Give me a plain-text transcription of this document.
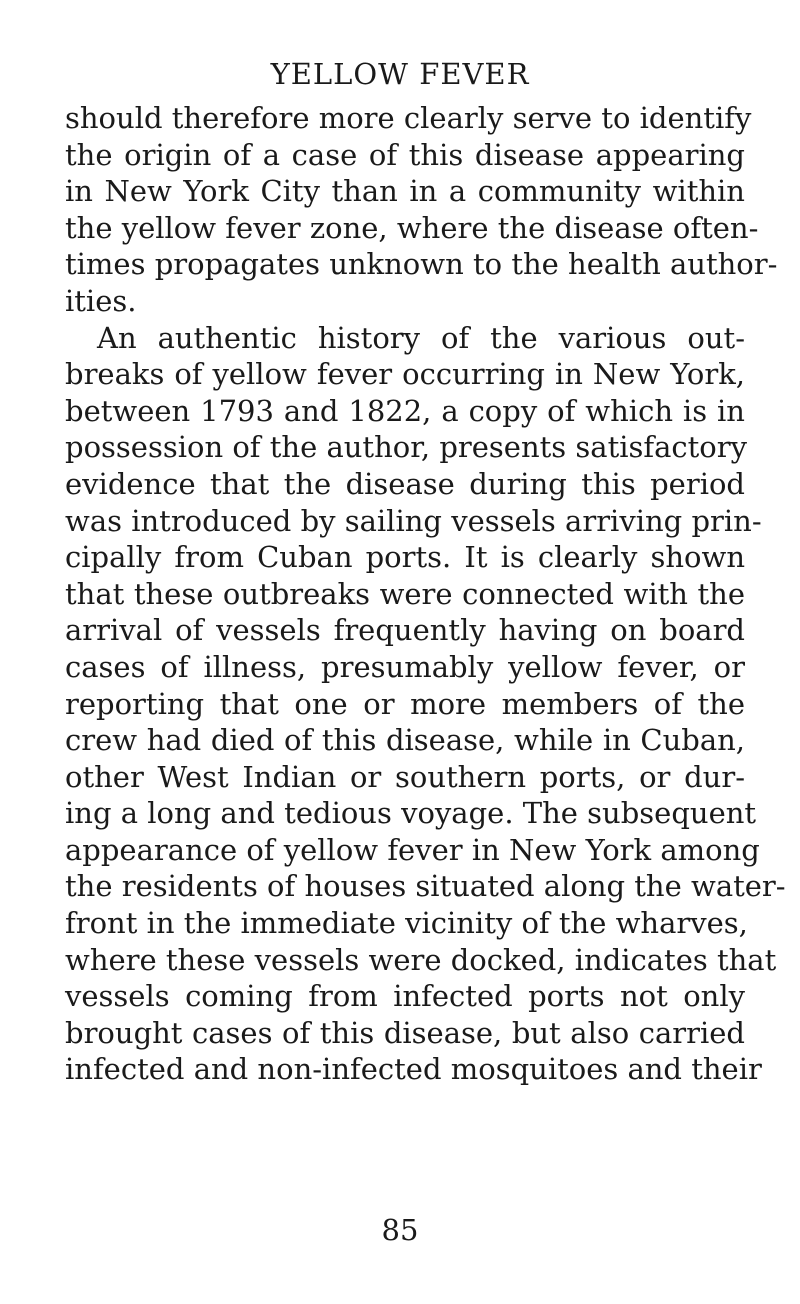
YELLOW FEVER
should therefore more clearly serve to identify
the origin of a case of this disease appearing
in New York City than in a community within
the yellow fever zone, where the disease often-
times propagates unknown to the health author-
ities.
An authentic history of the various out-
breaks of yellow fever occurring in New York,
between 1793 and 1822, a copy of which is in
possession of the author, presents satisfactory
evidence that the disease during this period
was introduced by sailing vessels arriving prin-
cipally from Cuban ports. It is clearly shown
that these outbreaks were connected with the
arrival of vessels frequently having on board
cases of illness, presumably yellow fever, or
reporting that one or more members of the
crew had died of this disease, while in Cuban,
other West Indian or southern ports, or dur-
ing a long and tedious voyage. The subsequent
appearance of yellow fever in New York among
the residents of houses situated along the water-
front in the immediate vicinity of the wharves,
where these vessels were docked, indicates that
vessels coming from infected ports not only
brought cases of this disease, but also carried
infected and non-infected mosquitoes and their
85
